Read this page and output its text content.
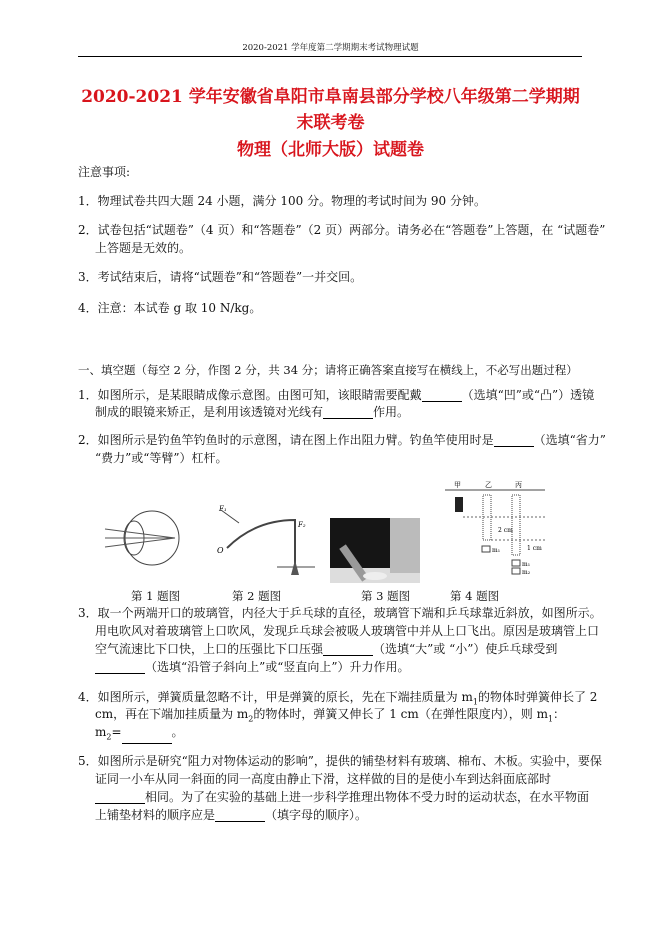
2020-2021 学年度第二学期期末考试物理试题
2020-2021 学年安徽省阜阳市阜南县部分学校八年级第二学期期
末联考卷
物理（北师大版）试题卷
注意事项:
1．物理试卷共四大题 24 小题，满分 100 分。物理的考试时间为 90 分钟。
2．试卷包括“试题卷”（4 页）和“答题卷”（2 页）两部分。请务必在“答题卷”上答题，在 “试题卷”
上答题是无效的。
3．考试结束后，请将“试题卷”和“答题卷”一并交回。
4．注意：本试卷 g 取 10 N/kg。
一、填空题（每空 2 分，作图 2 分，共 34 分；请将正确答案直接写在横线上，不必写出题过程）
1．如图所示，是某眼睛成像示意图。由图可知，该眼睛需要配戴	（选填“凹”或“凸”）透镜
制成的眼镜来矫正，是利用该透镜对光线有	作用。
2．如图所示是钓鱼竿钓鱼时的示意图，请在图上作出阻力臂。钓鱼竿使用时是	（选填“省力”
“费力”或“等臂”）杠杆。
F₁
F₂
O
甲	乙	丙
2 cm
1 cm
m₁
m₁
m₂
第 1 题图	第 2 题图	第 3 题图	第 4 题图
3．取一个两端开口的玻璃管，内径大于乒乓球的直径，玻璃管下端和乒乓球靠近斜放，如图所示。
用电吹风对着玻璃管上口吹风，发现乒乓球会被吸人玻璃管中并从上口飞出。原因是玻璃管上口
空气流速比下口快，上口的压强比下口压强	（选填“大”或 “小”）使乒乓球受到
（选填“沿管子斜向上”或“竖直向上”）升力作用。
4．如图所示，弹簧质量忽略不计，甲是弹簧的原长，先在下端挂质量为 $m_1$的物体时弹簧伸长了 2
cm，再在下端加挂质量为 $m_2$的物体时，弹簧又伸长了 1 cm（在弹性限度内），则 $m_1$：
$m_2=$	。
5．如图所示是研究“阻力对物体运动的影响”，提供的铺垫材料有玻璃、棉布、木板。实验中，要保
证同一小车从同一斜面的同一高度由静止下滑，这样做的目的是使小车到达斜面底部时
相同。为了在实验的基础上进一步科学推理出物体不受力时的运动状态，在水平物面
上铺垫材料的顺序应是	（填字母的顺序）。
